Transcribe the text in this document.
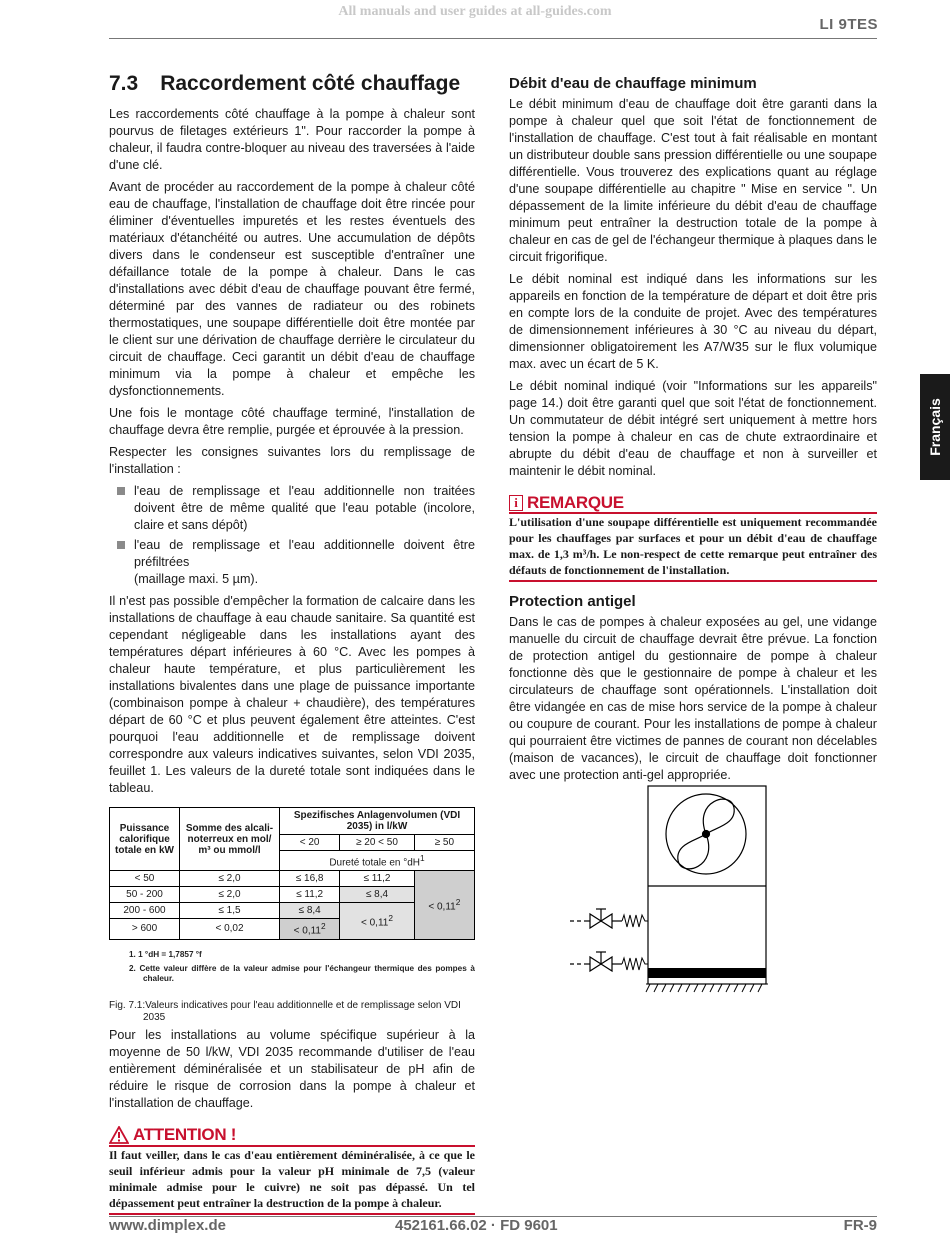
All manuals and user guides at all-guides.com
LI 9TES
7.3 Raccordement côté chauffage

Les raccordements côté chauffage à la pompe à chaleur sont pourvus de filetages extérieurs 1". Pour raccorder la pompe à chaleur, il faudra contre-bloquer au niveau des traversées à l'aide d'une clé.

Avant de procéder au raccordement de la pompe à chaleur côté eau de chauffage, l'installation de chauffage doit être rincée pour éliminer d'éventuelles impuretés et les restes éventuels des matériaux d'étanchéité ou autres. Une accumulation de dépôts divers dans le condenseur est susceptible d'entraîner une défaillance totale de la pompe à chaleur. Dans le cas d'installations avec débit d'eau de chauffage pouvant être fermé, déterminé par des vannes de radiateur ou des robinets thermostatiques, une soupape différentielle doit être montée par le client sur une dérivation de chauffage derrière le circulateur du circuit de chauffage. Ceci garantit un débit d'eau de chauffage minimum via la pompe à chaleur et empêche les dysfonctionnements.

Une fois le montage côté chauffage terminé, l'installation de chauffage devra être remplie, purgée et éprouvée à la pression.

Respecter les consignes suivantes lors du remplissage de l'installation :

l'eau de remplissage et l'eau additionnelle non traitées doivent être de même qualité que l'eau potable (incolore, claire et sans dépôt)
l'eau de remplissage et l'eau additionnelle doivent être préfiltrées
(maillage maxi. 5 µm).

Il n'est pas possible d'empêcher la formation de calcaire dans les installations de chauffage à eau chaude sanitaire. Sa quantité est cependant négligeable dans les installations ayant des températures départ inférieures à 60 °C. Avec les pompes à chaleur haute température, et plus particulièrement les installations bivalentes dans une plage de puissance importante (combinaison pompe à chaleur + chaudière), des températures départ de 60 °C et plus peuvent également être atteintes. C'est pourquoi l'eau additionnelle et de remplissage doivent correspondre aux valeurs indicatives suivantes, selon VDI 2035, feuillet 1. Les valeurs de la dureté totale sont indiquées dans le tableau.

Puissance calorifique totale en kW	Somme des alcali-noterreux en mol/ m³ ou mmol/l	Spezifisches Anlagenvolumen (VDI 2035) in l/kW		
		< 20	≥ 20 < 50	≥ 50
		Dureté totale en $^\circ dH^1$
< 50	≤ 2,0	≤ 16,8	≤ 11,2	< $0,11^2$
50 - 200	≤ 2,0	≤ 11,2	≤ 8,4	
200 - 600	≤ 1,5	≤ 8,4	< $0,11^2$
> 600	< 0,02	< $0,11^2$
1. 1 °dH = 1,7857 °f
2. Cette valeur diffère de la valeur admise pour l'échangeur thermique des pompes à chaleur.

Fig. 7.1:Valeurs indicatives pour l'eau additionnelle et de remplissage selon VDI 2035

Pour les installations au volume spécifique supérieur à la moyenne de 50 l/kW, VDI 2035 recommande d'utiliser de l'eau entièrement déminéralisée et un stabilisateur de pH afin de réduire le risque de corrosion dans la pompe à chaleur et l'installation de chauffage.

ATTENTION !

Il faut veiller, dans le cas d'eau entièrement déminéralisée, à ce que le seuil inférieur admis pour la valeur pH minimale de 7,5 (valeur minimale admise pour le cuivre) ne soit pas dépassé. Un tel dépassement peut entraîner la destruction de la pompe à chaleur.

Débit d'eau de chauffage minimum

Le débit minimum d'eau de chauffage doit être garanti dans la pompe à chaleur quel que soit l'état de fonctionnement de l'installation de chauffage. C'est tout à fait réalisable en montant un distributeur double sans pression différentielle ou une soupape différentielle. Vous trouverez des explications quant au réglage d'une soupape différentielle au chapitre " Mise en service ". Un dépassement de la limite inférieure du débit d'eau de chauffage minimum peut entraîner la destruction totale de la pompe à chaleur en cas de gel de l'échangeur thermique à plaques dans le circuit frigorifique.

Le débit nominal est indiqué dans les informations sur les appareils en fonction de la température de départ et doit être pris en compte lors de la conduite de projet. Avec des températures de dimensionnement inférieures à 30 °C au niveau du départ, dimensionner obligatoirement les A7/W35 sur le flux volumique max. avec un écart de 5 K.

Le débit nominal indiqué (voir "Informations sur les appareils" page 14.) doit être garanti quel que soit l'état de fonctionnement. Un commutateur de débit intégré sert uniquement à mettre hors tension la pompe à chaleur en cas de chute extraordinaire et abrupte du débit d'eau de chauffage et non à surveiller et maintenir le débit nominal.

i REMARQUE

L'utilisation d'une soupape différentielle est uniquement recommandée pour les chauffages par surfaces et pour un débit d'eau de chauffage max. de 1,3 m³/h. Le non-respect de cette remarque peut entraîner des défauts de fonctionnement de l'installation.

Protection antigel

Dans le cas de pompes à chaleur exposées au gel, une vidange manuelle du circuit de chauffage devrait être prévue. La fonction de protection antigel du gestionnaire de pompe à chaleur fonctionne dès que le gestionnaire de pompe à chaleur et les circulateurs de chauffage sont opérationnels. L'installation doit être vidangée en cas de mise hors service de la pompe à chaleur ou coupure de courant. Pour les installations de pompe à chaleur qui pourraient être victimes de pannes de courant non décelables (maison de vacances), le circuit de chauffage doit fonctionner avec une protection anti-gel appropriée.

Français
www.dimplex.de	452161.66.02 · FD 9601	FR-9
